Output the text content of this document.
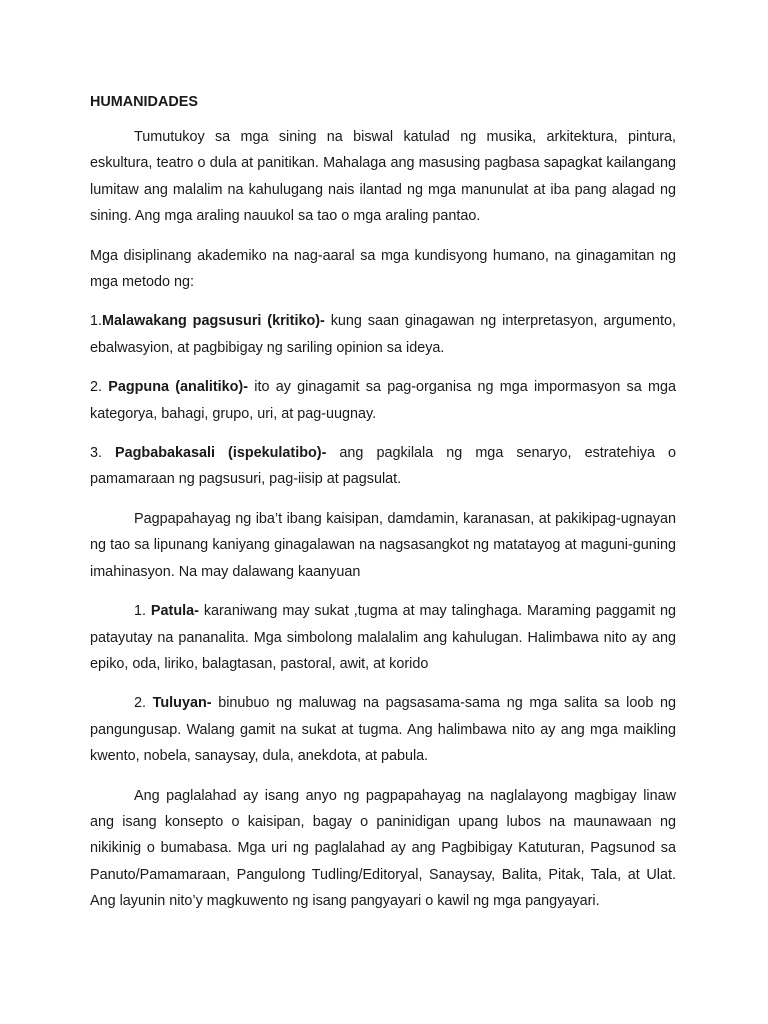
HUMANIDADES

Tumutukoy sa mga sining na biswal katulad ng musika, arkitektura, pintura, eskultura, teatro o dula at panitikan. Mahalaga ang masusing pagbasa sapagkat kailangang lumitaw ang malalim na kahulugang nais ilantad ng mga manunulat at iba pang alagad ng sining. Ang mga araling nauukol sa tao o mga araling pantao.

Mga disiplinang akademiko na nag-aaral sa mga kundisyong humano, na ginagamitan ng mga metodo ng:

1.Malawakang pagsusuri (kritiko)- kung saan ginagawan ng interpretasyon, argumento, ebalwasyion, at pagbibigay ng sariling opinion sa ideya.

2. Pagpuna (analitiko)- ito ay ginagamit sa pag-organisa ng mga impormasyon sa mga kategorya, bahagi, grupo, uri, at pag-uugnay.

3. Pagbabakasali (ispekulatibo)- ang pagkilala ng mga senaryo, estratehiya o pamamaraan ng pagsusuri, pag-iisip at pagsulat.

Pagpapahayag ng iba’t ibang kaisipan, damdamin, karanasan, at pakikipag-ugnayan ng tao sa lipunang kaniyang ginagalawan na nagsasangkot ng matatayog at maguni-guning imahinasyon. Na may dalawang kaanyuan

1. Patula- karaniwang may sukat ,tugma at may talinghaga. Maraming paggamit ng patayutay na pananalita. Mga simbolong malalalim ang kahulugan. Halimbawa nito ay ang epiko, oda, liriko, balagtasan, pastoral, awit, at korido

2. Tuluyan- binubuo ng maluwag na pagsasama-sama ng mga salita sa loob ng pangungusap. Walang gamit na sukat at tugma. Ang halimbawa nito ay ang mga maikling kwento, nobela, sanaysay, dula, anekdota, at pabula.

Ang paglalahad ay isang anyo ng pagpapahayag na naglalayong magbigay linaw ang isang konsepto o kaisipan, bagay o paninidigan upang lubos na maunawaan ng nikikinig o bumabasa. Mga uri ng paglalahad ay ang Pagbibigay Katuturan, Pagsunod sa Panuto/Pamamaraan, Pangulong Tudling/Editoryal, Sanaysay, Balita, Pitak, Tala, at Ulat. Ang layunin nito’y magkuwento ng isang pangyayari o kawil ng mga pangyayari.
